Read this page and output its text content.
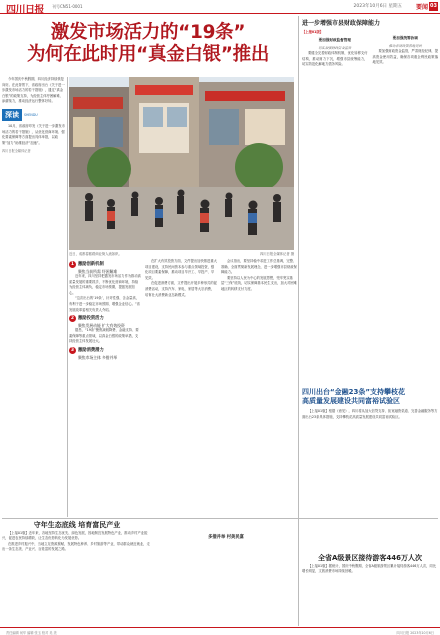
四川日报 刊号CN51-0001	2023年10月6日 星期五 要闻 03
激发市场活力的“19条”
为何在此时用“真金白银”推出
今年国庆中秋假期，四川经济持续恢复向好。在此背景下，省政府出台《关于进一步激发市场活力的若干措施》，通过“真金白银”的政策支持，为经营主体纾困解难、添薪续力，推动经济运行整体好转。
深读	SHENDU
10月，省政府印发《关于进一步激发市场活力的若干措施》，从优化营商环境、强化要素保障等方面提出具体举措，以政策“加力”助推经济“加速”。
四川日报全媒体记者
近日，成都春熙路商业街人流如织。	四川日报全媒体记者 摄
1 激励创新机制
聚焦当前所需 纾困解难

近年来，四川坚持把激发市场活力作为推动高质量发展的重要抓手，不断优化营商环境，持续为经营主体减负，稳定市场预期，提振发展信心。

“这次出台的‘19条’，针对性强、含金量高，有利于进一步稳定市场预期、增强企业信心。”省发展改革委相关负责人介绍。

2 激励投资活力
聚焦发展动能 扩大有效投资

据悉，“19条”聚焦减税降费、金融支持、要素保障等重点领域，以真金白银的政策举措，支持经营主体发展壮大。

3 激励消费潜力
聚焦市场主体 多措并举

在扩大有效投资方面，文件提出加快推进重大项目建设，支持民间资本参与重点领域投资，强化项目要素保障，推动项目早开工、早投产、早见效。

在促进消费方面，文件提出开展多种形式的促消费活动，支持汽车、家电、家居等大宗消费，培育壮大消费新业态新模式。

会议指出，要坚持稳中求进工作总基调，完整、准确、全面贯彻新发展理念，进一步增强市县财政保障能力。

要坚持以人民为中心的发展思想，兜牢兜实基层“三保”底线，切实保障基本民生支出，加大对困难地区的转移支付力度。

进一步增强市县财政保障能力
【上接01版】
要加强财政监督管理
切实加强财政资金监管

要健全完善财政体制机制，优化转移支付结构，推动财力下沉，增强市县统筹能力，切实防范化解地方债务风险。

要加强统筹协调
推动各项政策落地见效

要加强财政资金监管，严肃财经纪律，提高资金使用效益，确保各项惠企利民政策落地见效。

四川出台“金融23条”支持攀枝花
高质量发展建设共同富裕试验区
【上接01版】根据《意见》，四川将从加大信贷支持、拓宽融资渠道、完善金融服务等方面出台23条具体措施，支持攀枝花高质量发展建设共同富裕试验区。
守年生态底线 培育富民产业

【上接01版】近年来，各地坚持生态优先、绿色发展，因地制宜发展特色产业，推动乡村产业振兴，促进农民持续增收，让生态优势转化为发展优势。

在推进乡村振兴中，当地立足资源禀赋，发展特色种养、乡村旅游等产业，带动群众就近就业，走出一条生态美、产业兴、百姓富的发展之路。

多措并举 村美民富
全省A级景区接待游客446万人次

【上接01版】据统计，国庆中秋假期，全省A级旅游景区累计接待游客446万人次，同比增长明显，文旅消费市场持续回暖。

责任编辑 何华 编辑 张玉 校对 吴 美	四川日报 2023年10月6日
